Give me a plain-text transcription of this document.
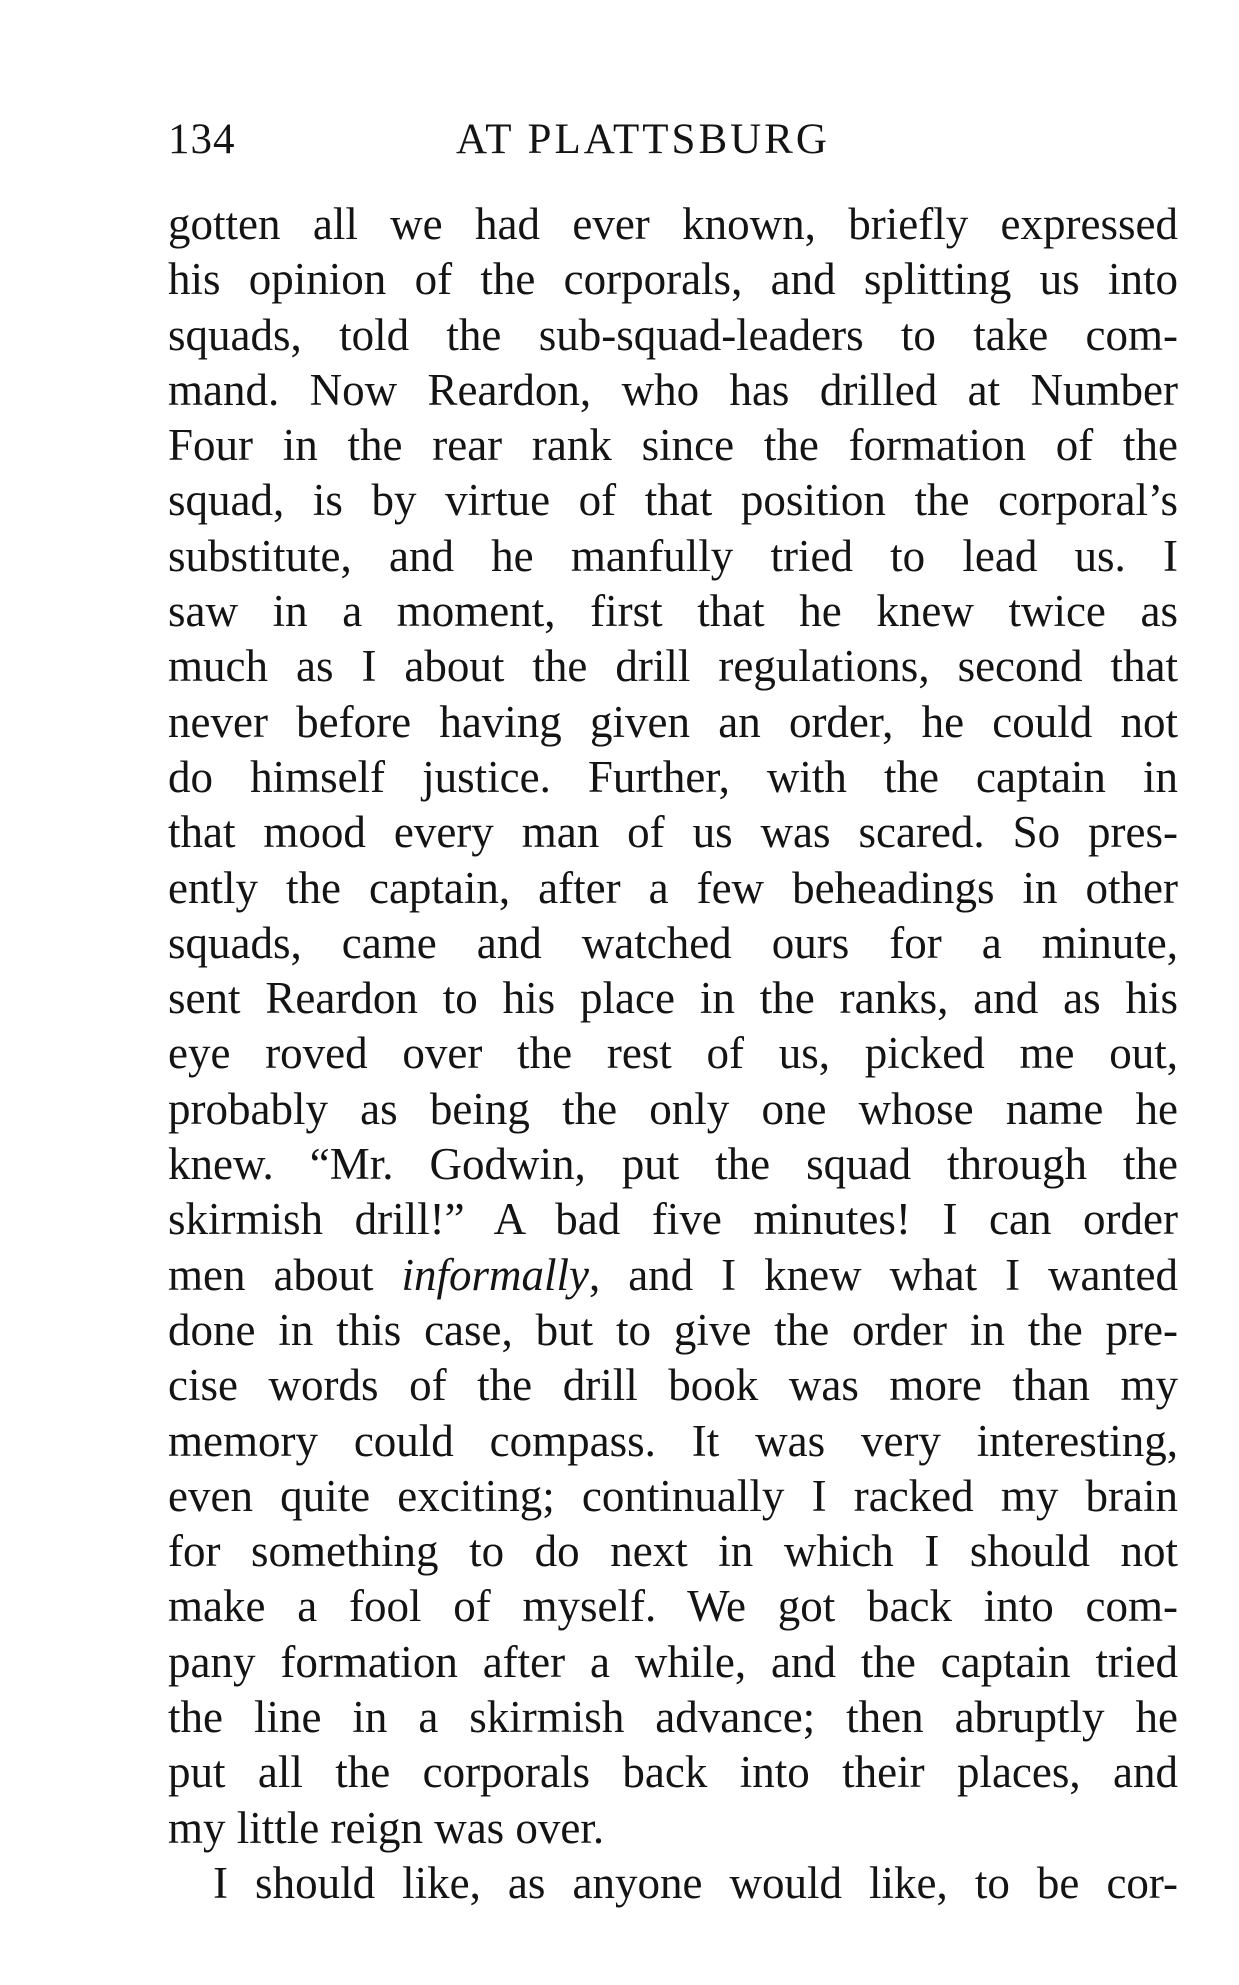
134	AT PLATTSBURG
gotten all we had ever known, briefly expressed
his opinion of the corporals, and splitting us into
squads, told the sub-squad-leaders to take com-
mand. Now Reardon, who has drilled at Number
Four in the rear rank since the formation of the
squad, is by virtue of that position the corporal’s
substitute, and he manfully tried to lead us. I
saw in a moment, first that he knew twice as
much as I about the drill regulations, second that
never before having given an order, he could not
do himself justice. Further, with the captain in
that mood every man of us was scared. So pres-
ently the captain, after a few beheadings in other
squads, came and watched ours for a minute,
sent Reardon to his place in the ranks, and as his
eye roved over the rest of us, picked me out,
probably as being the only one whose name he
knew. “Mr. Godwin, put the squad through the
skirmish drill!” A bad five minutes! I can order
men about informally, and I knew what I wanted
done in this case, but to give the order in the pre-
cise words of the drill book was more than my
memory could compass. It was very interesting,
even quite exciting; continually I racked my brain
for something to do next in which I should not
make a fool of myself. We got back into com-
pany formation after a while, and the captain tried
the line in a skirmish advance; then abruptly he
put all the corporals back into their places, and
my little reign was over.
I should like, as anyone would like, to be cor-
